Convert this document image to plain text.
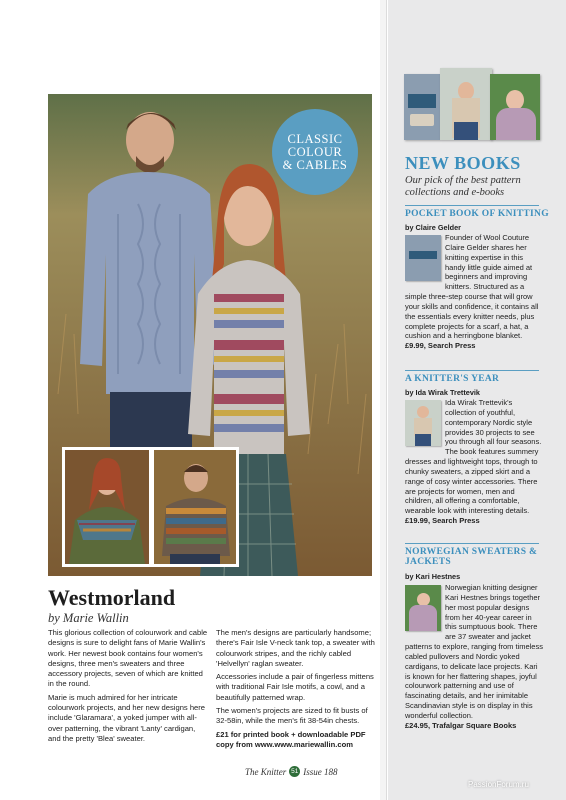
CLASSIC
COLOUR
& CABLES
Westmorland

by Marie Wallin

This glorious collection of colourwork and cable designs is sure to delight fans of Marie Wallin's work. Her newest book contains four women's designs, three men's sweaters and three accessory projects, seven of which are knitted in the round.

Marie is much admired for her intricate colourwork projects, and her new designs here include 'Glaramara', a yoked jumper with all-over patterning, the vibrant 'Lanty' cardigan, and the pretty 'Blea' sweater.

The men's designs are particularly handsome; there's Fair Isle V-neck tank top, a sweater with colourwork stripes, and the richly cabled 'Helvellyn' raglan sweater.

Accessories include a pair of fingerless mittens with traditional Fair Isle motifs, a cowl, and a beautifully patterned wrap.

The women's projects are sized to fit busts of 32-58in, while the men's fit 38-54in chests.

£21 for printed book + downloadable PDF copy from www.www.mariewallin.com

The Knitter 51 Issue 188
NEW BOOKS

Our pick of the best pattern collections and e-books

POCKET BOOK OF KNITTING

by Claire Gelder

Founder of Wool Couture Claire Gelder shares her knitting expertise in this handy little guide aimed at beginners and improving knitters. Structured as a simple three-step course that will grow your skills and confidence, it contains all the essentials every knitter needs, plus complete projects for a scarf, a hat, a cushion and a herringbone blanket.

£9.99, Search Press

A KNITTER'S YEAR

by Ida Wirak Trettevik

Ida Wirak Trettevik's collection of youthful, contemporary Nordic style provides 30 projects to see you through all four seasons. The book features summery dresses and lightweight tops, through to chunky sweaters, a zipped skirt and a range of cosy winter accessories. There are projects for women, men and children, all offering a comfortable, wearable look with interesting details.

£19.99, Search Press

NORWEGIAN SWEATERS & JACKETS

by Kari Hestnes

Norwegian knitting designer Kari Hestnes brings together her most popular designs from her 40-year career in this sumptuous book. There are 37 sweater and jacket patterns to explore, ranging from timeless cabled pullovers and Nordic yoked cardigans, to delicate lace projects. Kari is known for her flattering shapes, joyful colourwork patterning and use of fascinating details, and her inimitable Scandinavian style is on display in this wonderful collection.

£24.95, Trafalgar Square Books

PassionForum.ru
